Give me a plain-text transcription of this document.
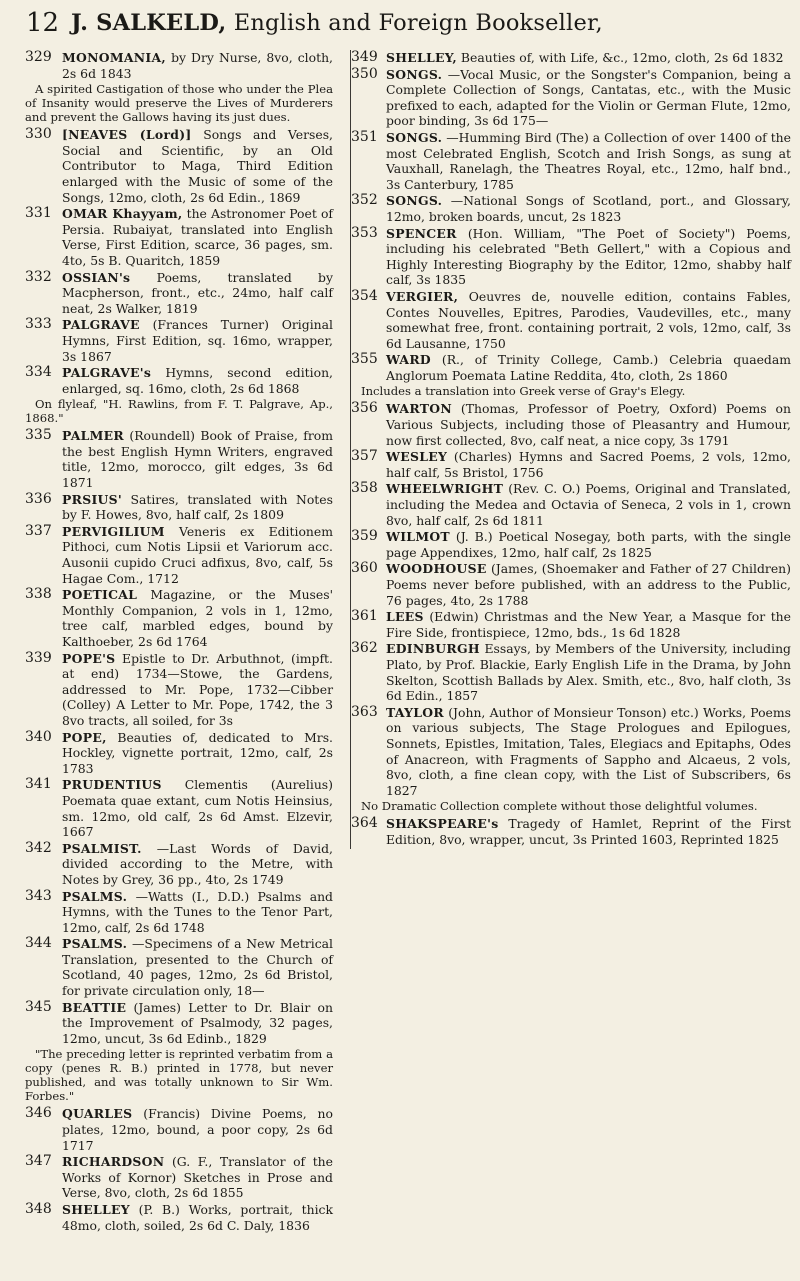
12 J. SALKELD, English and Foreign Bookseller,
329 MONOMANIA, by Dry Nurse, 8vo, cloth, 2s 6d 1843
A spirited Castigation of those who under the Plea of Insanity would preserve the Lives of Murderers and prevent the Gallows having its just dues.
330 [NEAVES (Lord)] Songs and Verses, Social and Scientific, by an Old Contributor to Maga, Third Edition enlarged with the Music of some of the Songs, 12mo, cloth, 2s 6d Edin., 1869
331 OMAR Khayyam, the Astronomer Poet of Persia. Rubaiyat, translated into English Verse, First Edition, scarce, 36 pages, sm. 4to, 5s B. Quaritch, 1859
332 OSSIAN's Poems, translated by Macpherson, front., etc., 24mo, half calf neat, 2s Walker, 1819
333 PALGRAVE (Frances Turner) Original Hymns, First Edition, sq. 16mo, wrapper, 3s 1867
334 PALGRAVE's Hymns, second edition, enlarged, sq. 16mo, cloth, 2s 6d 1868
On flyleaf, "H. Rawlins, from F. T. Palgrave, Ap., 1868."
335 PALMER (Roundell) Book of Praise, from the best English Hymn Writers, engraved title, 12mo, morocco, gilt edges, 3s 6d 1871
336 PRSIUS' Satires, translated with Notes by F. Howes, 8vo, half calf, 2s 1809
337 PERVIGILIUM Veneris ex Editionem Pithoci, cum Notis Lipsii et Variorum acc. Ausonii cupido Cruci adfixus, 8vo, calf, 5s Hagae Com., 1712
338 POETICAL Magazine, or the Muses' Monthly Companion, 2 vols in 1, 12mo, tree calf, marbled edges, bound by Kalthoeber, 2s 6d 1764
339 POPE'S Epistle to Dr. Arbuthnot, (impft. at end) 1734—Stowe, the Gardens, addressed to Mr. Pope, 1732—Cibber (Colley) A Letter to Mr. Pope, 1742, the 3 8vo tracts, all soiled, for 3s
340 POPE, Beauties of, dedicated to Mrs. Hockley, vignette portrait, 12mo, calf, 2s 1783
341 PRUDENTIUS Clementis (Aurelius) Poemata quae extant, cum Notis Heinsius, sm. 12mo, old calf, 2s 6d Amst. Elzevir, 1667
342 PSALMIST. —Last Words of David, divided according to the Metre, with Notes by Grey, 36 pp., 4to, 2s 1749
343 PSALMS. —Watts (I., D.D.) Psalms and Hymns, with the Tunes to the Tenor Part, 12mo, calf, 2s 6d 1748
344 PSALMS. —Specimens of a New Metrical Translation, presented to the Church of Scotland, 40 pages, 12mo, 2s 6d Bristol, for private circulation only, 18—
345 BEATTIE (James) Letter to Dr. Blair on the Improvement of Psalmody, 32 pages, 12mo, uncut, 3s 6d Edinb., 1829
"The preceding letter is reprinted verbatim from a copy (penes R. B.) printed in 1778, but never published, and was totally unknown to Sir Wm. Forbes."
346 QUARLES (Francis) Divine Poems, no plates, 12mo, bound, a poor copy, 2s 6d 1717
347 RICHARDSON (G. F., Translator of the Works of Kornor) Sketches in Prose and Verse, 8vo, cloth, 2s 6d 1855
348 SHELLEY (P. B.) Works, portrait, thick 48mo, cloth, soiled, 2s 6d C. Daly, 1836
349 SHELLEY, Beauties of, with Life, &c., 12mo, cloth, 2s 6d 1832
350 SONGS. —Vocal Music, or the Songster's Companion, being a Complete Collection of Songs, Cantatas, etc., with the Music prefixed to each, adapted for the Violin or German Flute, 12mo, poor binding, 3s 6d 175—
351 SONGS. —Humming Bird (The) a Collection of over 1400 of the most Celebrated English, Scotch and Irish Songs, as sung at Vauxhall, Ranelagh, the Theatres Royal, etc., 12mo, half bnd., 3s Canterbury, 1785
352 SONGS. —National Songs of Scotland, port., and Glossary, 12mo, broken boards, uncut, 2s 1823
353 SPENCER (Hon. William, "The Poet of Society") Poems, including his celebrated "Beth Gellert," with a Copious and Highly Interesting Biography by the Editor, 12mo, shabby half calf, 3s 1835
354 VERGIER, Oeuvres de, nouvelle edition, contains Fables, Contes Nouvelles, Epitres, Parodies, Vaudevilles, etc., many somewhat free, front. containing portrait, 2 vols, 12mo, calf, 3s 6d Lausanne, 1750
355 WARD (R., of Trinity College, Camb.) Celebria quaedam Anglorum Poemata Latine Reddita, 4to, cloth, 2s 1860
Includes a translation into Greek verse of Gray's Elegy.
356 WARTON (Thomas, Professor of Poetry, Oxford) Poems on Various Subjects, including those of Pleasantry and Humour, now first collected, 8vo, calf neat, a nice copy, 3s 1791
357 WESLEY (Charles) Hymns and Sacred Poems, 2 vols, 12mo, half calf, 5s Bristol, 1756
358 WHEELWRIGHT (Rev. C. O.) Poems, Original and Translated, including the Medea and Octavia of Seneca, 2 vols in 1, crown 8vo, half calf, 2s 6d 1811
359 WILMOT (J. B.) Poetical Nosegay, both parts, with the single page Appendixes, 12mo, half calf, 2s 1825
360 WOODHOUSE (James, (Shoemaker and Father of 27 Children) Poems never before published, with an address to the Public, 76 pages, 4to, 2s 1788
361 LEES (Edwin) Christmas and the New Year, a Masque for the Fire Side, frontispiece, 12mo, bds., 1s 6d 1828
362 EDINBURGH Essays, by Members of the University, including Plato, by Prof. Blackie, Early English Life in the Drama, by John Skelton, Scottish Ballads by Alex. Smith, etc., 8vo, half cloth, 3s 6d Edin., 1857
363 TAYLOR (John, Author of Monsieur Tonson) etc.) Works, Poems on various subjects, The Stage Prologues and Epilogues, Sonnets, Epistles, Imitation, Tales, Elegiacs and Epitaphs, Odes of Anacreon, with Fragments of Sappho and Alcaeus, 2 vols, 8vo, cloth, a fine clean copy, with the List of Subscribers, 6s 1827
No Dramatic Collection complete without those delightful volumes.
364 SHAKSPEARE's Tragedy of Hamlet, Reprint of the First Edition, 8vo, wrapper, uncut, 3s Printed 1603, Reprinted 1825
